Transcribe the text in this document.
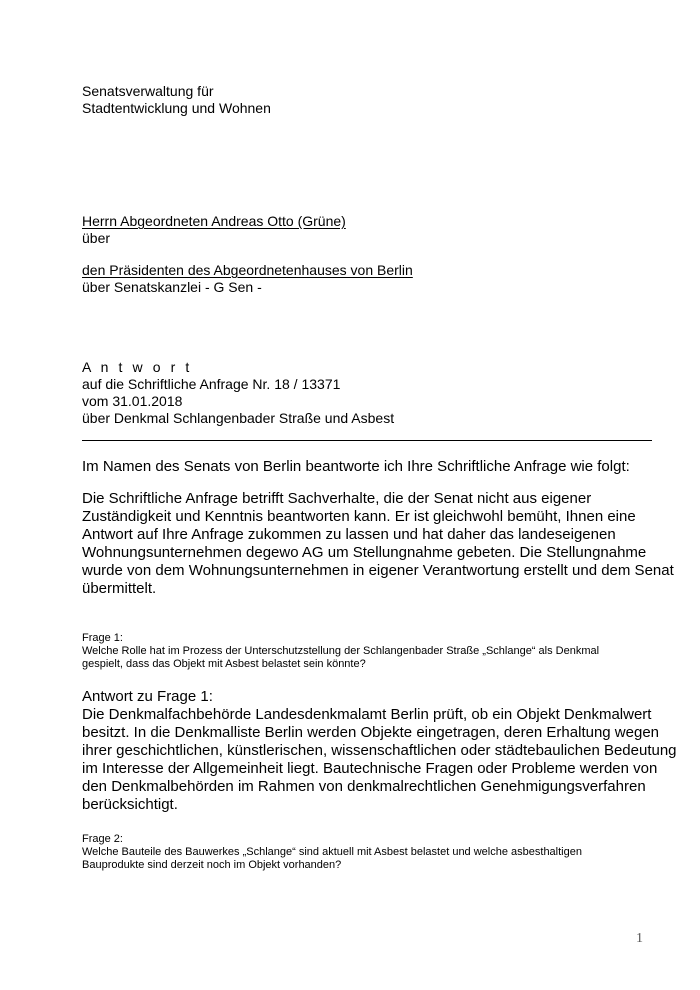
Senatsverwaltung für
Stadtentwicklung und Wohnen
Herrn Abgeordneten Andreas Otto (Grüne)
über
den Präsidenten des Abgeordnetenhauses von Berlin
über Senatskanzlei - G Sen -
A n t w o r t
auf die Schriftliche Anfrage Nr. 18 / 13371
vom 31.01.2018
über Denkmal Schlangenbader Straße und Asbest
Im Namen des Senats von Berlin beantworte ich Ihre Schriftliche Anfrage wie folgt:
Die Schriftliche Anfrage betrifft Sachverhalte, die der Senat nicht aus eigener
Zuständigkeit und Kenntnis beantworten kann. Er ist gleichwohl bemüht, Ihnen eine
Antwort auf Ihre Anfrage zukommen zu lassen und hat daher das landeseigenen
Wohnungsunternehmen degewo AG um Stellungnahme gebeten. Die Stellungnahme
wurde von dem Wohnungsunternehmen in eigener Verantwortung erstellt und dem Senat
übermittelt.
Frage 1:
Welche Rolle hat im Prozess der Unterschutzstellung der Schlangenbader Straße „Schlange“ als Denkmal
gespielt, dass das Objekt mit Asbest belastet sein könnte?
Antwort zu Frage 1:
Die Denkmalfachbehörde Landesdenkmalamt Berlin prüft, ob ein Objekt Denkmalwert
besitzt. In die Denkmalliste Berlin werden Objekte eingetragen, deren Erhaltung wegen
ihrer geschichtlichen, künstlerischen, wissenschaftlichen oder städtebaulichen Bedeutung
im Interesse der Allgemeinheit liegt. Bautechnische Fragen oder Probleme werden von
den Denkmalbehörden im Rahmen von denkmalrechtlichen Genehmigungsverfahren
berücksichtigt.
Frage 2:
Welche Bauteile des Bauwerkes „Schlange“ sind aktuell mit Asbest belastet und welche asbesthaltigen
Bauprodukte sind derzeit noch im Objekt vorhanden?
1
